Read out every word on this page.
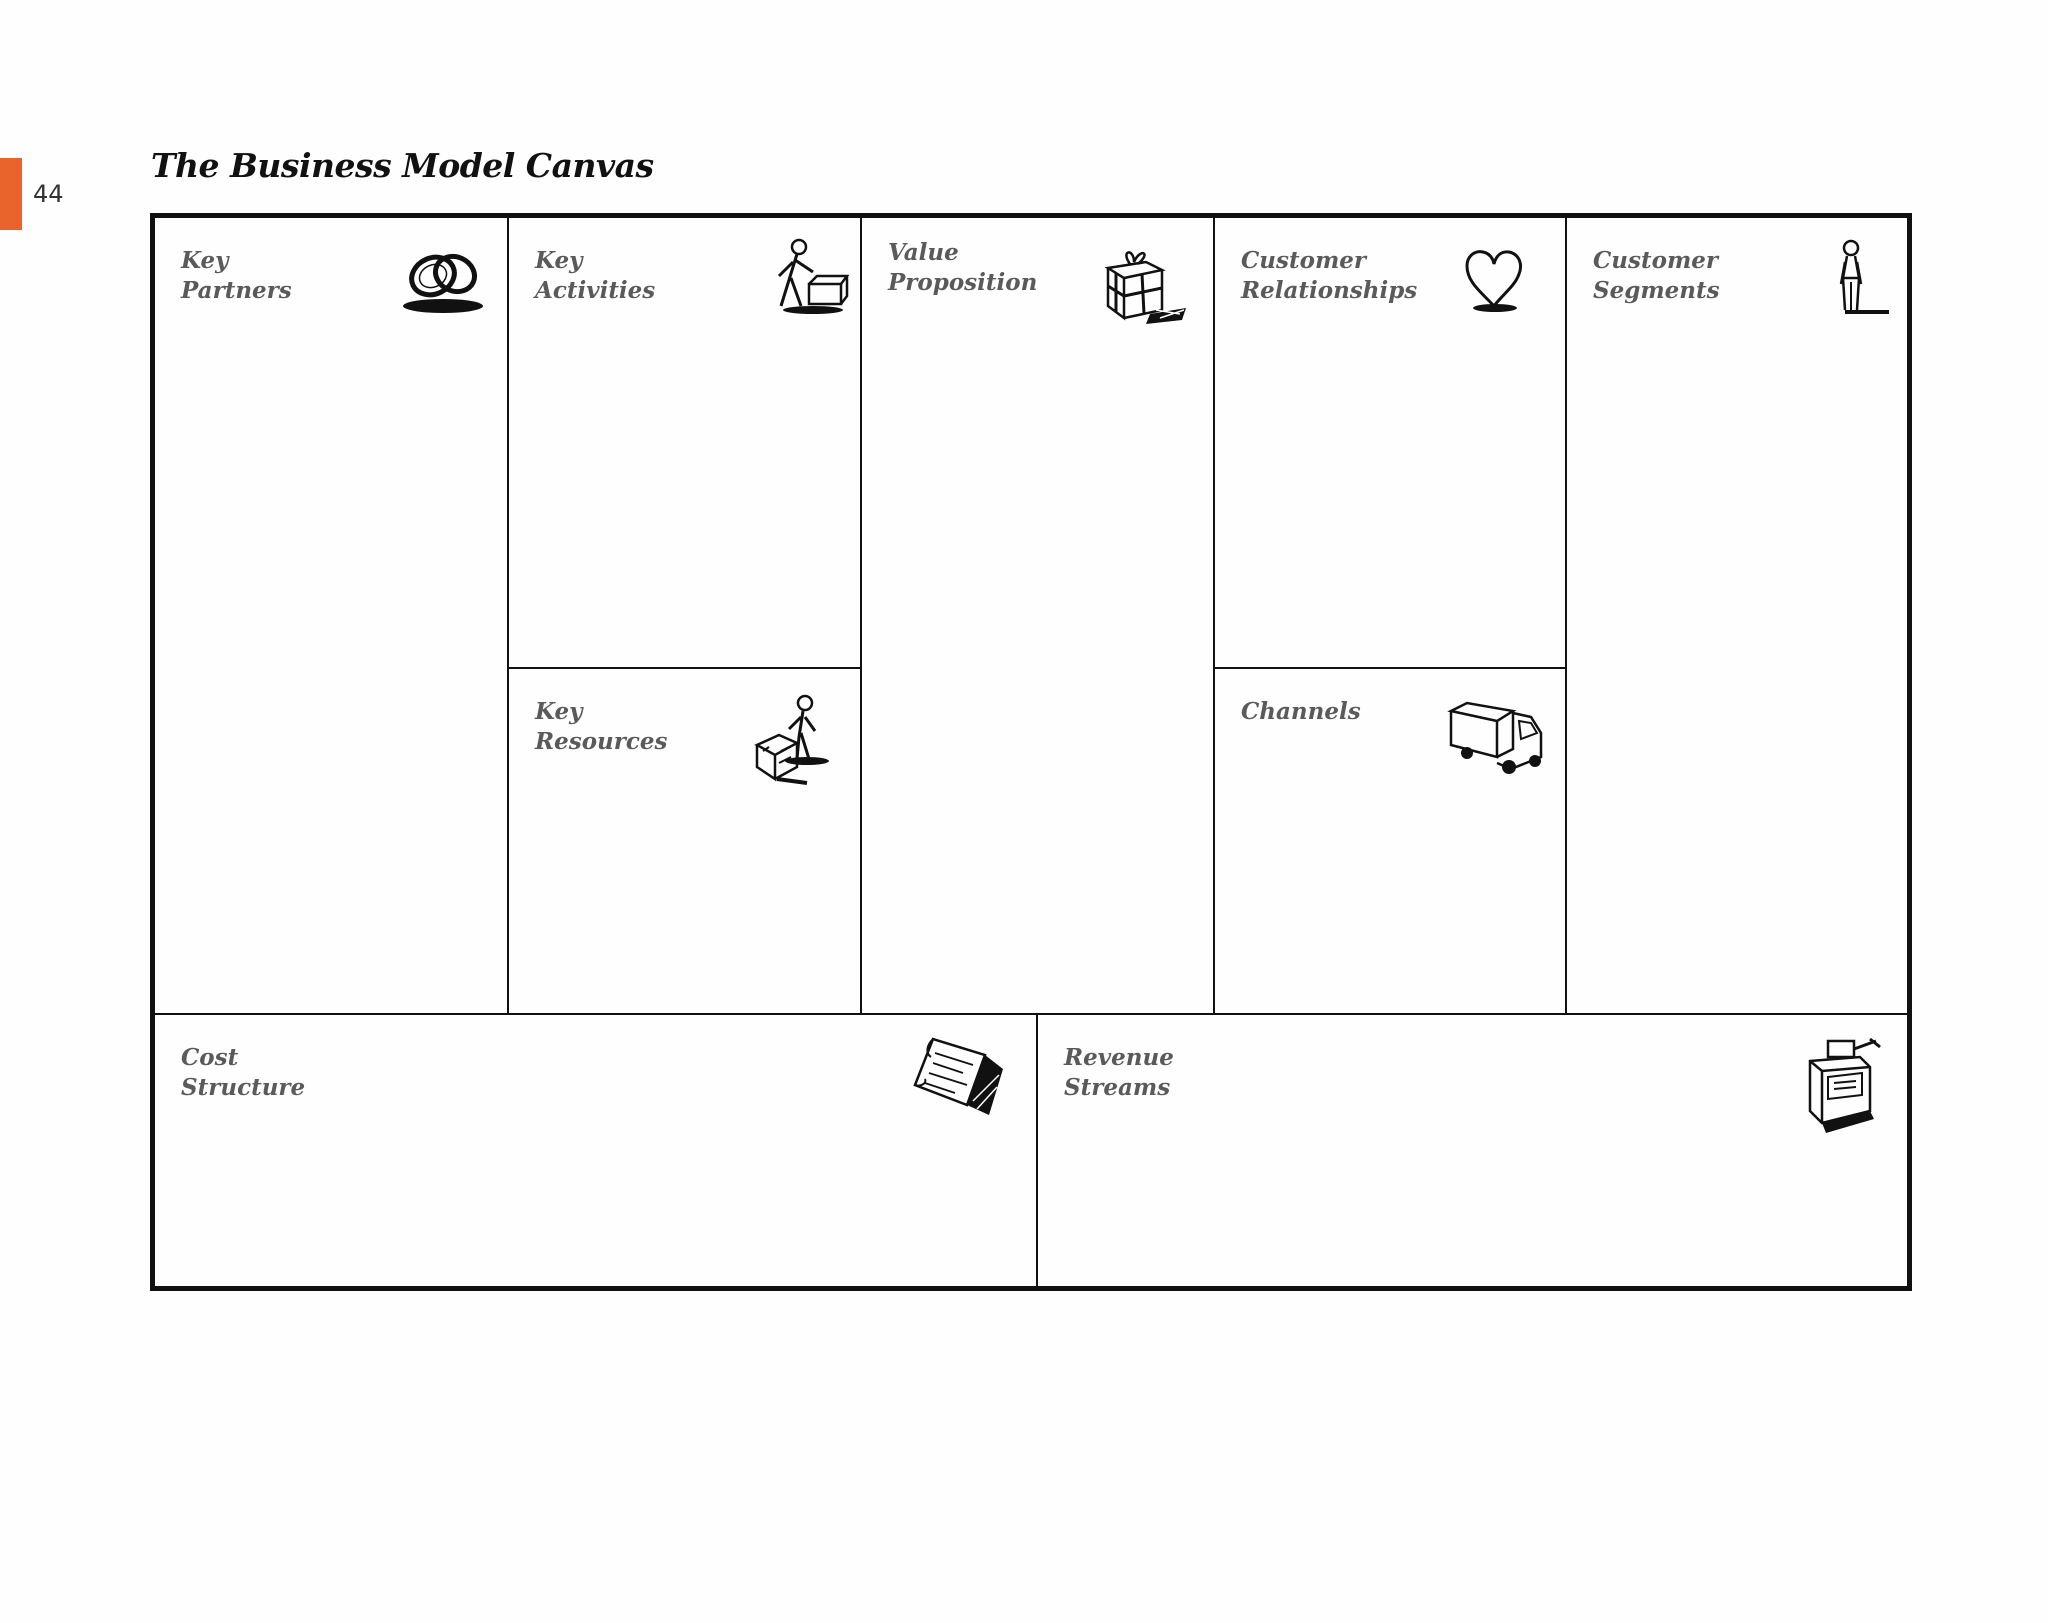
44
The Business Model Canvas
Key
Partners
Key
Activities
Key
Resources
Value
Proposition
Customer
Relationships
Channels
Customer
Segments
Cost
Structure
Revenue
Streams
